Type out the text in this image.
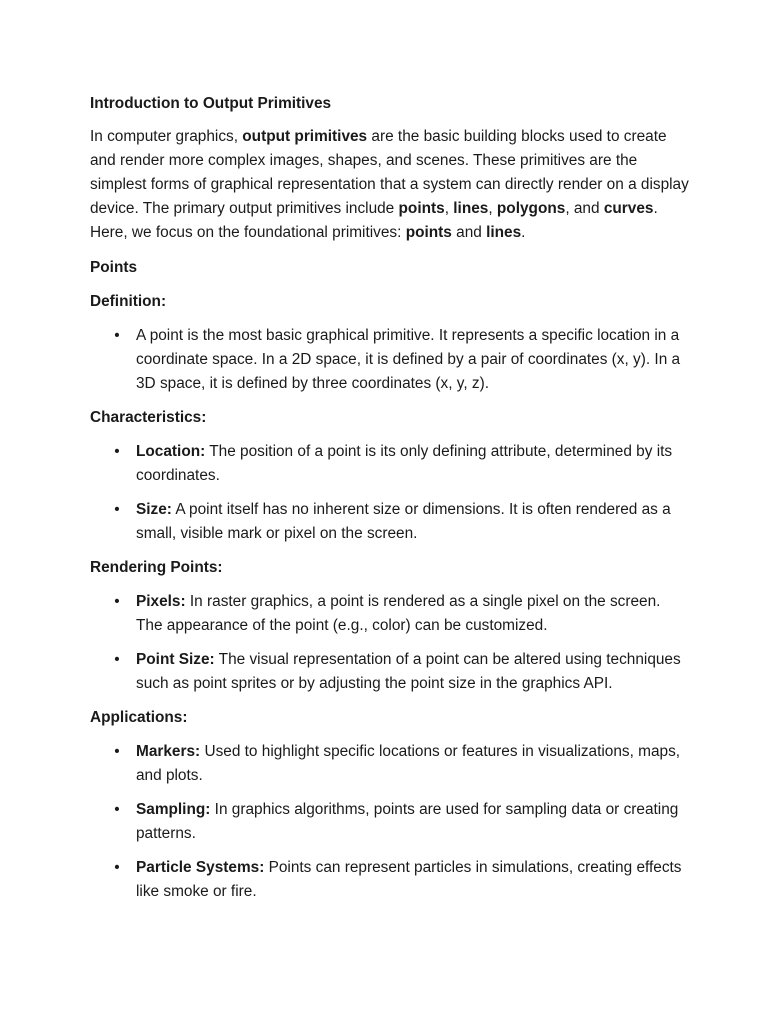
Introduction to Output Primitives

In computer graphics, output primitives are the basic building blocks used to create and render more complex images, shapes, and scenes. These primitives are the simplest forms of graphical representation that a system can directly render on a display device. The primary output primitives include points, lines, polygons, and curves. Here, we focus on the foundational primitives: points and lines.

Points

Definition:

• A point is the most basic graphical primitive. It represents a specific location in a coordinate space. In a 2D space, it is defined by a pair of coordinates (x, y). In a 3D space, it is defined by three coordinates (x, y, z).

Characteristics:

• Location: The position of a point is its only defining attribute, determined by its coordinates.
• Size: A point itself has no inherent size or dimensions. It is often rendered as a small, visible mark or pixel on the screen.

Rendering Points:

• Pixels: In raster graphics, a point is rendered as a single pixel on the screen. The appearance of the point (e.g., color) can be customized.
• Point Size: The visual representation of a point can be altered using techniques such as point sprites or by adjusting the point size in the graphics API.

Applications:

• Markers: Used to highlight specific locations or features in visualizations, maps, and plots.
• Sampling: In graphics algorithms, points are used for sampling data or creating patterns.
• Particle Systems: Points can represent particles in simulations, creating effects like smoke or fire.
